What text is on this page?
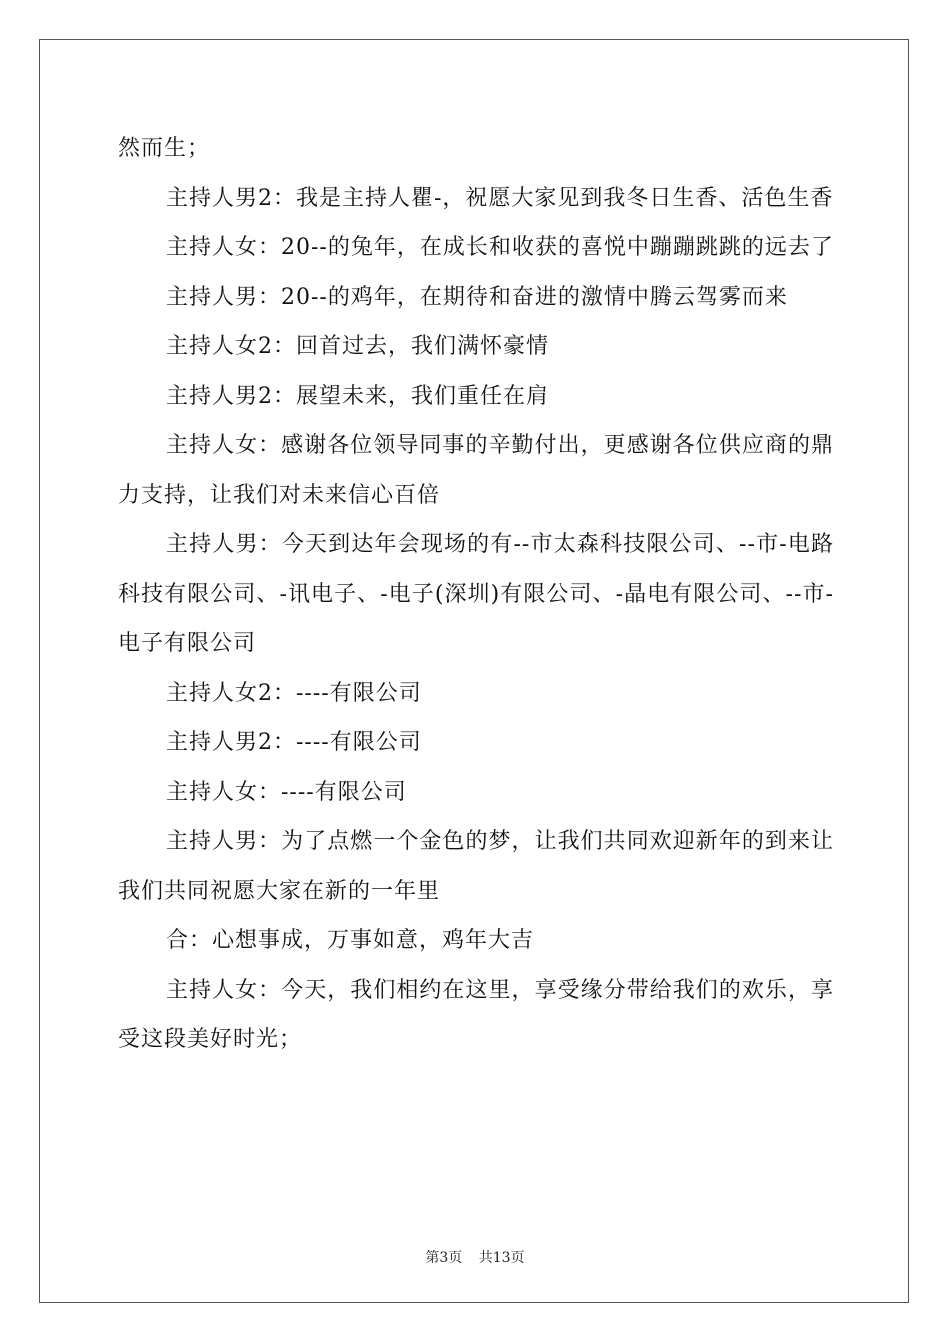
然而生；

主持人男2：我是主持人瞿-，祝愿大家见到我冬日生香、活色生香

主持人女：20--的兔年，在成长和收获的喜悦中蹦蹦跳跳的远去了

主持人男：20--的鸡年，在期待和奋进的激情中腾云驾雾而来

主持人女2：回首过去，我们满怀豪情

主持人男2：展望未来，我们重任在肩

主持人女：感谢各位领导同事的辛勤付出，更感谢各位供应商的鼎力支持，让我们对未来信心百倍

主持人男：今天到达年会现场的有--市太森科技限公司、--市-电路科技有限公司、-讯电子、-电子(深圳)有限公司、-晶电有限公司、--市-电子有限公司

主持人女2：----有限公司

主持人男2：----有限公司

主持人女：----有限公司

主持人男：为了点燃一个金色的梦，让我们共同欢迎新年的到来让我们共同祝愿大家在新的一年里

合：心想事成，万事如意，鸡年大吉

主持人女：今天，我们相约在这里，享受缘分带给我们的欢乐，享受这段美好时光；

第3页 共13页
